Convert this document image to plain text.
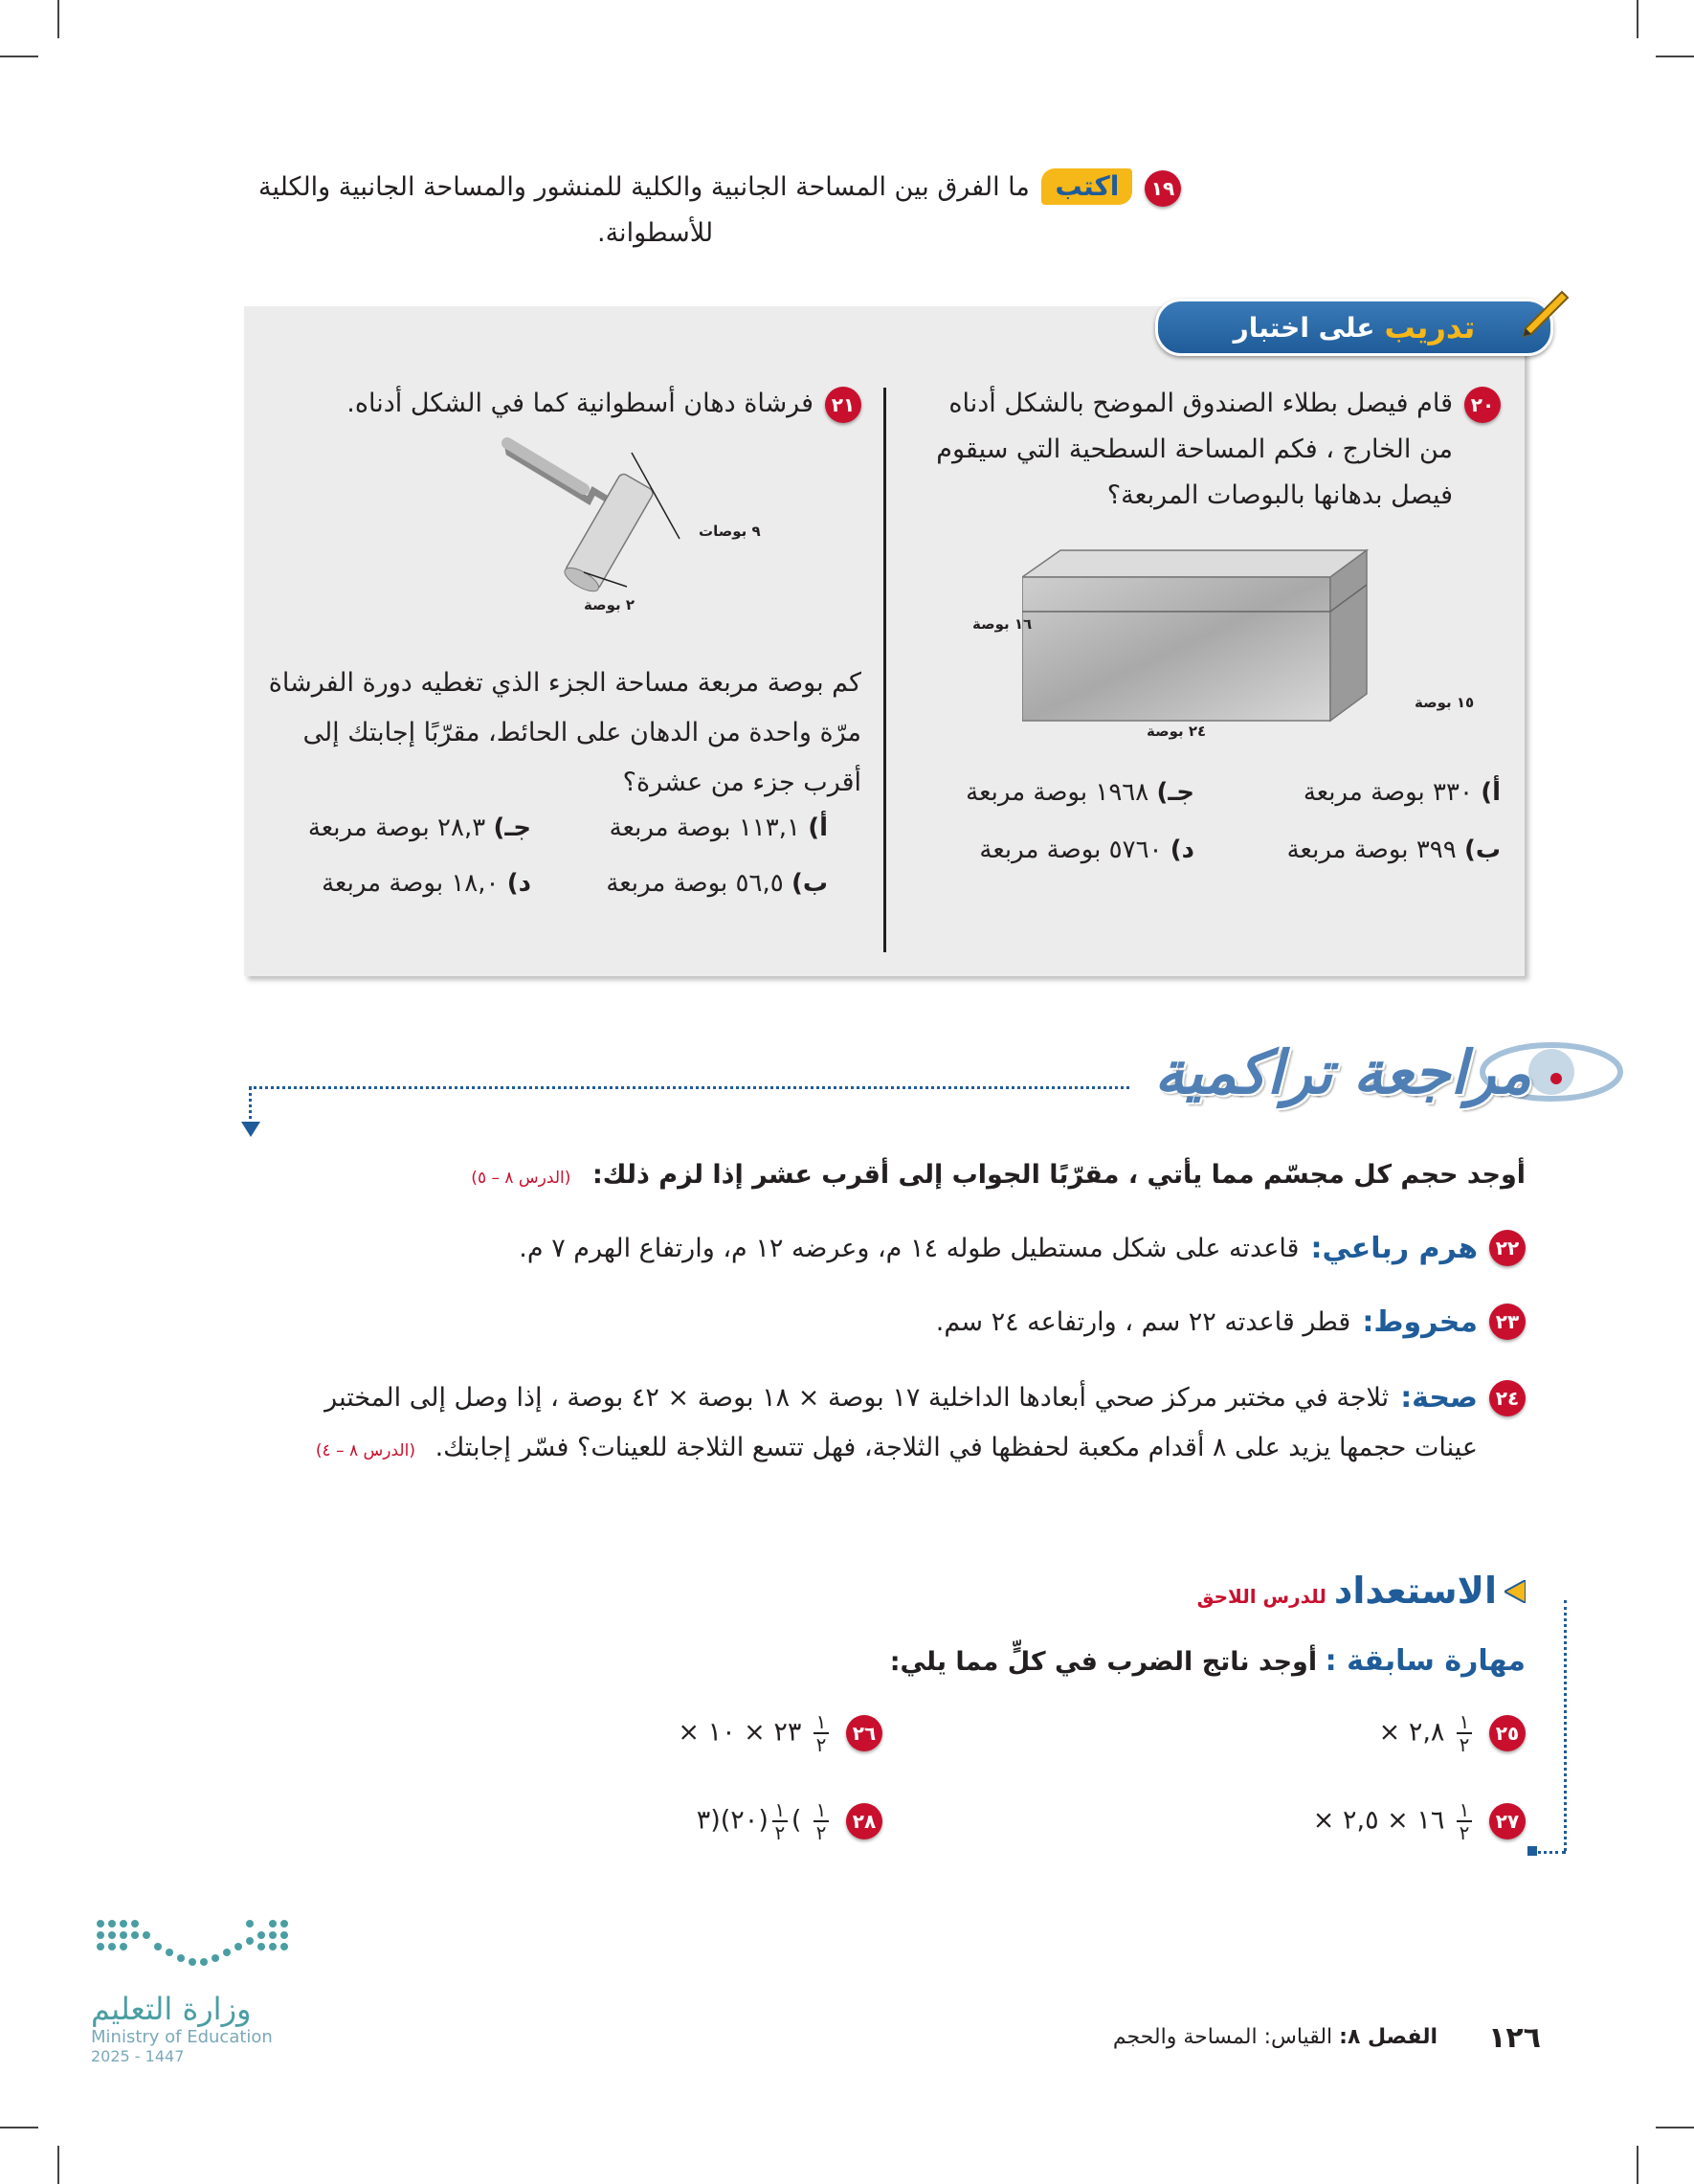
١٩ اكتب ما الفرق بين المساحة الجانبية والكلية للمنشور والمساحة الجانبية والكلية
للأسطوانة.
تدريب
على اختبار
٢٠
قام فيصل بطلاء الصندوق الموضح بالشكل أدناه
من الخارج ، فكم المساحة السطحية التي سيقوم
فيصل بدهانها بالبوصات المربعة؟
١٦ بوصة
٢٤ بوصة
١٥ بوصة
أ) ٣٣٠ بوصة مربعة
جـ) ١٩٦٨ بوصة مربعة
ب) ٣٩٩ بوصة مربعة
د) ٥٧٦٠ بوصة مربعة
٢١
فرشاة دهان أسطوانية كما في الشكل أدناه.
٩ بوصات
٢ بوصة
كم بوصة مربعة مساحة الجزء الذي تغطيه دورة الفرشاة
مرّة واحدة من الدهان على الحائط، مقرّبًا إجابتك إلى
أقرب جزء من عشرة؟
أ) ١١٣,١ بوصة مربعة
جـ) ٢٨,٣ بوصة مربعة
ب) ٥٦,٥ بوصة مربعة
د) ١٨,٠ بوصة مربعة
مراجعة تراكمية
أوجد حجم كل مجسّم مما يأتي ، مقرّبًا الجواب إلى أقرب عشر إذا لزم ذلك: (الدرس ٨ – ٥)
٢٢
هرم رباعي:
قاعدته على شكل مستطيل طوله ١٤ م، وعرضه ١٢ م، وارتفاع الهرم ٧ م.
٢٣
مخروط:
قطر قاعدته ٢٢ سم ، وارتفاعه ٢٤ سم.
٢٤
صحة:
ثلاجة في مختبر مركز صحي أبعادها الداخلية ١٧ بوصة × ١٨ بوصة × ٤٢ بوصة ، إذا وصل إلى المختبر
عينات حجمها يزيد على ٨ أقدام مكعبة لحفظها في الثلاجة، فهل تتسع الثلاجة للعينات؟ فسّر إجابتك. (الدرس ٨ – ٤)
الاستعداد
للدرس اللاحق
مهارة سابقة : أوجد ناتج الضرب في كلٍّ مما يلي:
٢٥
$\frac{١}{٢}$
٢,٨ ×
٢٦
$\frac{١}{٢}$
٢٣ × ١٠ ×
٢٧
$\frac{١}{٢}$
١٦ × ٢,٥ ×
٢٨
$\frac{١}{٢}$
)
$\frac{١}{٢}$
(٢٠)(٣
وزارة التعليم
Ministry of Education
2025 - 1447
١٢٦
الفصل ٨: القياس: المساحة والحجم
